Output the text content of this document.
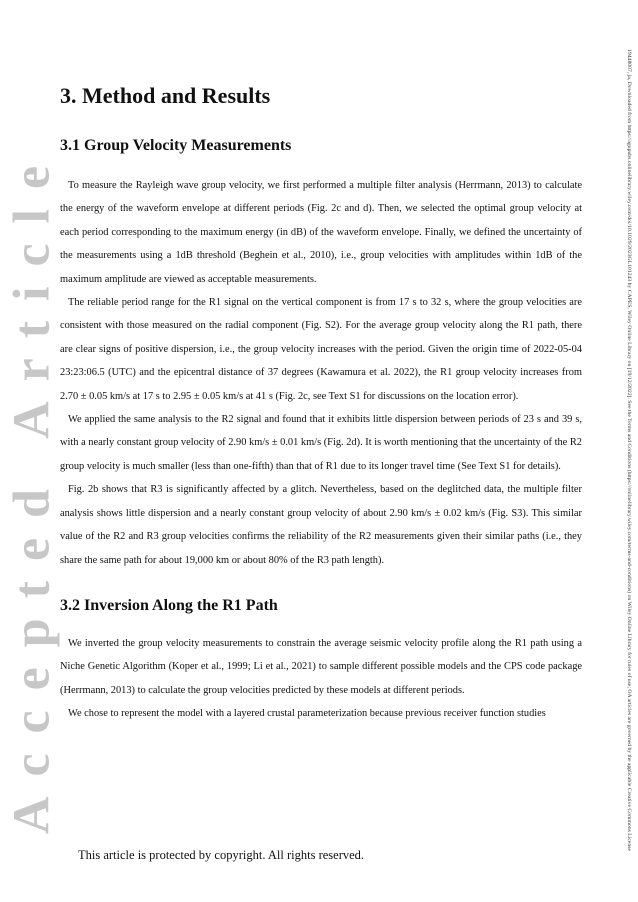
Accepted Article	19448007, ja, Downloaded from https://agupubs.onlinelibrary.wiley.com/doi/10.1029/2023GL101243 by CAPES, Wiley Online Library on [19/12/2022]. See the Terms and Conditions (https://onlinelibrary.wiley.com/terms-and-conditions) on Wiley Online Library for rules of use; OA articles are governed by the applicable Creative Commons License
3. Method and Results
3.1 Group Velocity Measurements

To measure the Rayleigh wave group velocity, we first performed a multiple filter analysis (Herrmann, 2013) to calculate the energy of the waveform envelope at different periods (Fig. 2c and d). Then, we selected the optimal group velocity at each period corresponding to the maximum energy (in dB) of the waveform envelope. Finally, we defined the uncertainty of the measurements using a 1dB threshold (Beghein et al., 2010), i.e., group velocities with amplitudes within 1dB of the maximum amplitude are viewed as acceptable measurements.

The reliable period range for the R1 signal on the vertical component is from 17 s to 32 s, where the group velocities are consistent with those measured on the radial component (Fig. S2). For the average group velocity along the R1 path, there are clear signs of positive dispersion, i.e., the group velocity increases with the period. Given the origin time of 2022-05-04 23:23:06.5 (UTC) and the epicentral distance of 37 degrees (Kawamura et al. 2022), the R1 group velocity increases from 2.70 ± 0.05 km/s at 17 s to 2.95 ± 0.05 km/s at 41 s (Fig. 2c, see Text S1 for discussions on the location error).

We applied the same analysis to the R2 signal and found that it exhibits little dispersion between periods of 23 s and 39 s, with a nearly constant group velocity of 2.90 km/s ± 0.01 km/s (Fig. 2d). It is worth mentioning that the uncertainty of the R2 group velocity is much smaller (less than one-fifth) than that of R1 due to its longer travel time (See Text S1 for details).

Fig. 2b shows that R3 is significantly affected by a glitch. Nevertheless, based on the deglitched data, the multiple filter analysis shows little dispersion and a nearly constant group velocity of about 2.90 km/s ± 0.02 km/s (Fig. S3). This similar value of the R2 and R3 group velocities confirms the reliability of the R2 measurements given their similar paths (i.e., they share the same path for about 19,000 km or about 80% of the R3 path length).

3.2 Inversion Along the R1 Path

We inverted the group velocity measurements to constrain the average seismic velocity profile along the R1 path using a Niche Genetic Algorithm (Koper et al., 1999; Li et al., 2021) to sample different possible models and the CPS code package (Herrmann, 2013) to calculate the group velocities predicted by these models at different periods.

We chose to represent the model with a layered crustal parameterization because previous receiver function studies

This article is protected by copyright. All rights reserved.
